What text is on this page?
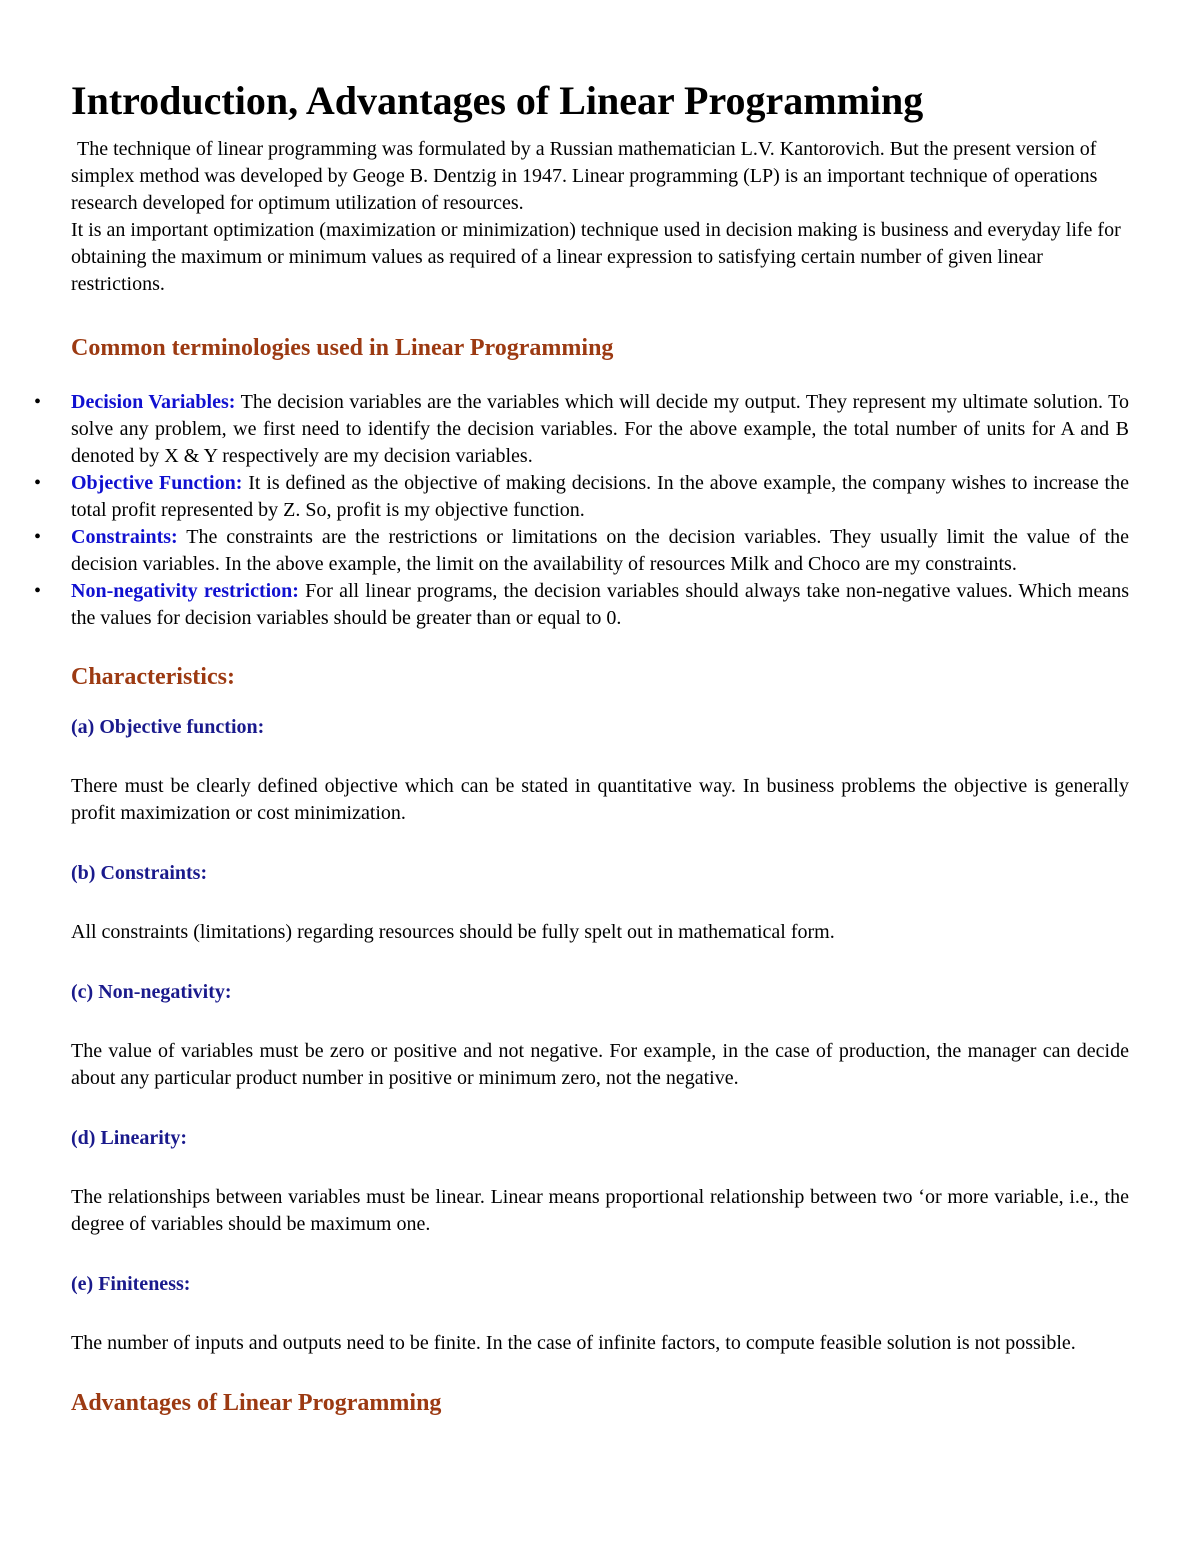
Introduction, Advantages of Linear Programming

The technique of linear programming was formulated by a Russian mathematician L.V. Kantorovich. But the present version of simplex method was developed by Geoge B. Dentzig in 1947. Linear programming (LP) is an important technique of operations research developed for optimum utilization of resources.

It is an important optimization (maximization or minimization) technique used in decision making is business and everyday life for obtaining the maximum or minimum values as required of a linear expression to satisfying certain number of given linear restrictions.

Common terminologies used in Linear Programming
• Decision Variables: The decision variables are the variables which will decide my output. They represent my ultimate solution. To solve any problem, we first need to identify the decision variables. For the above example, the total number of units for A and B denoted by X & Y respectively are my decision variables.
• Objective Function: It is defined as the objective of making decisions. In the above example, the company wishes to increase the total profit represented by Z. So, profit is my objective function.
• Constraints: The constraints are the restrictions or limitations on the decision variables. They usually limit the value of the decision variables. In the above example, the limit on the availability of resources Milk and Choco are my constraints.
• Non-negativity restriction: For all linear programs, the decision variables should always take non-negative values. Which means the values for decision variables should be greater than or equal to 0.
Characteristics:
(a) Objective function:

There must be clearly defined objective which can be stated in quantitative way. In business problems the objective is generally profit maximization or cost minimization.

(b) Constraints:

All constraints (limitations) regarding resources should be fully spelt out in mathematical form.

(c) Non-negativity:

The value of variables must be zero or positive and not negative. For example, in the case of production, the manager can decide about any particular product number in positive or minimum zero, not the negative.

(d) Linearity:

The relationships between variables must be linear. Linear means proportional relationship between two ‘or more variable, i.e., the degree of variables should be maximum one.

(e) Finiteness:

The number of inputs and outputs need to be finite. In the case of infinite factors, to compute feasible solution is not possible.

Advantages of Linear Programming
